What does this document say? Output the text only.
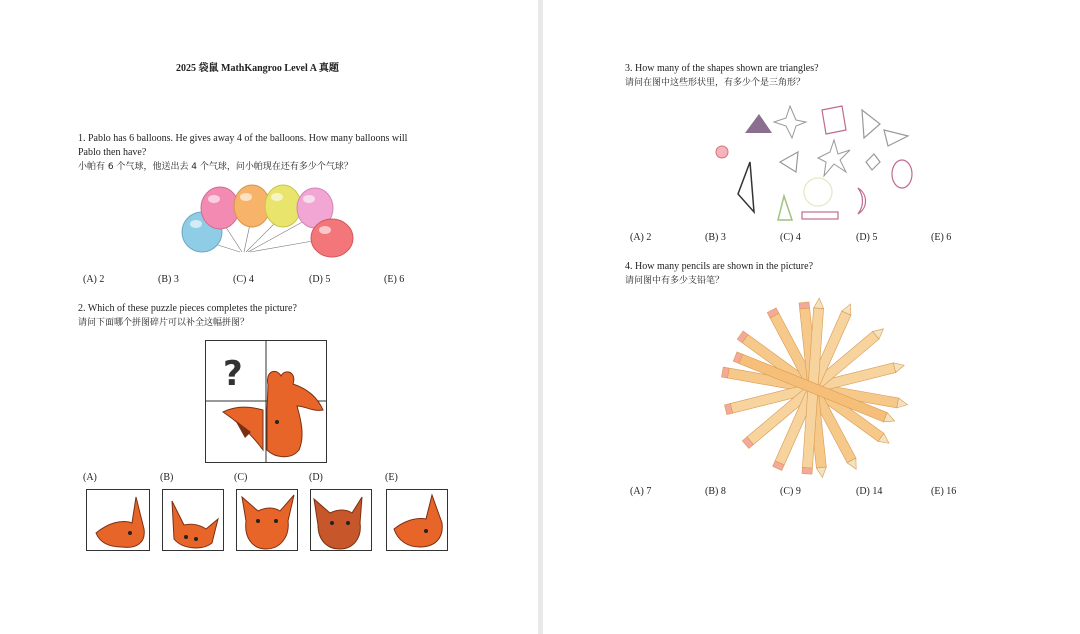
2025 袋鼠 MathKangroo Level A 真题
1. Pablo has 6 balloons. He gives away 4 of the balloons. How many balloons will
Pablo then have?
小帕有 6 个气球，他送出去 4 个气球，问小帕现在还有多少个气球？
(A) 2	(B) 3	(C) 4	(D) 5	(E) 6
2. Which of these puzzle pieces completes the picture?
请问下面哪个拼图碎片可以补全这幅拼图？
?
(A)	(B)	(C)	(D)	(E)
3. How many of the shapes shown are triangles?
请问在图中这些形状里，有多少个是三角形？
(A) 2	(B) 3	(C) 4	(D) 5	(E) 6
4. How many pencils are shown in the picture?
请问图中有多少支铅笔？
(A) 7	(B) 8	(C) 9	(D) 14	(E) 16
